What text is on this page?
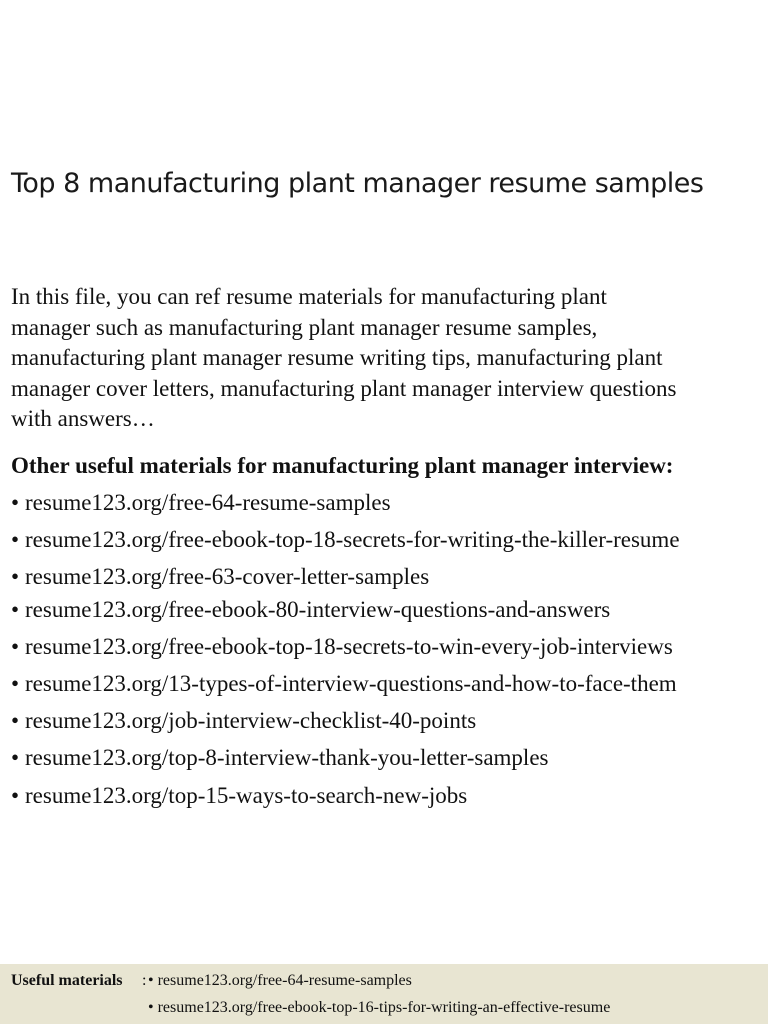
Top 8 manufacturing plant manager resume samples
In this file, you can ref resume materials for manufacturing plant
manager such as manufacturing plant manager resume samples,
manufacturing plant manager resume writing tips, manufacturing plant
manager cover letters, manufacturing plant manager interview questions
with answers…
Other useful materials for manufacturing plant manager interview:
• resume123.org/free-64-resume-samples
• resume123.org/free-ebook-top-18-secrets-for-writing-the-killer-resume
• resume123.org/free-63-cover-letter-samples
• resume123.org/free-ebook-80-interview-questions-and-answers
• resume123.org/free-ebook-top-18-secrets-to-win-every-job-interviews
• resume123.org/13-types-of-interview-questions-and-how-to-face-them
• resume123.org/job-interview-checklist-40-points
• resume123.org/top-8-interview-thank-you-letter-samples
• resume123.org/top-15-ways-to-search-new-jobs
Useful materials : • resume123.org/free-64-resume-samples
• resume123.org/free-ebook-top-16-tips-for-writing-an-effective-resume
